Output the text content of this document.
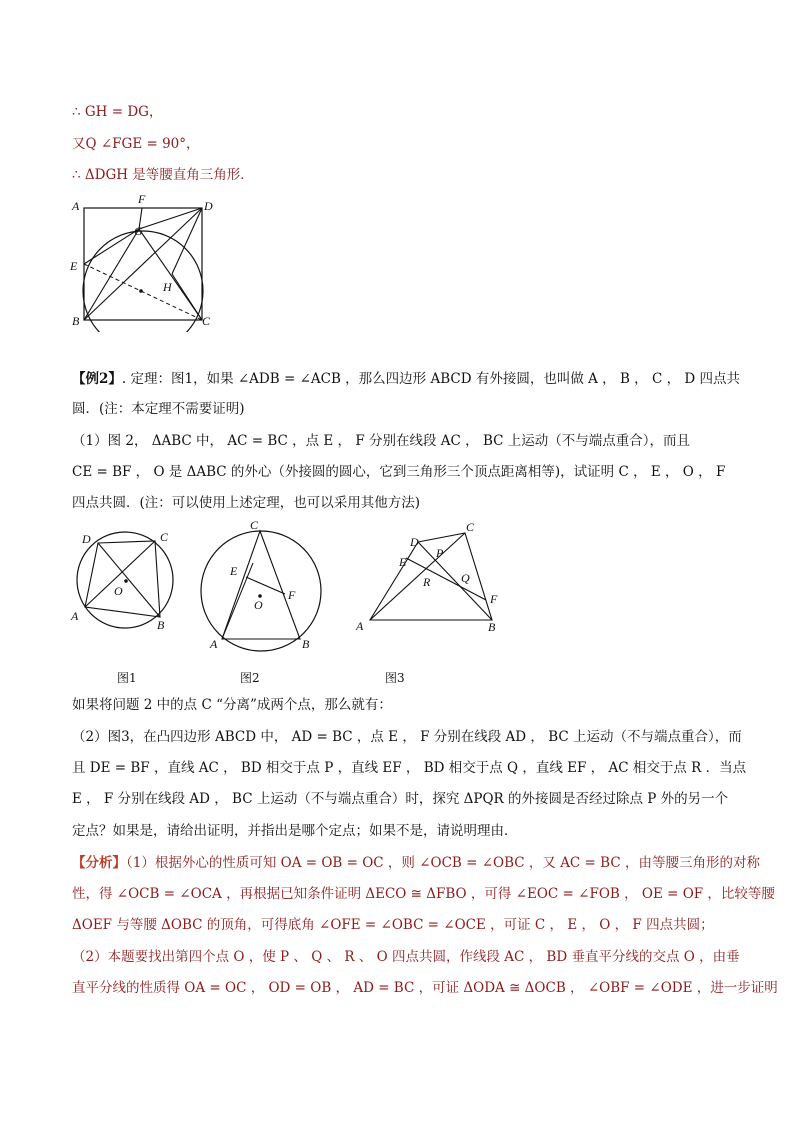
∴ GH = DG，
又Q ∠FGE = 90°，
∴ ΔDGH 是等腰直角三角形．
A	F	D
G
E
H
B	C
【例2】. 定理：图1，如果 ∠ADB = ∠ACB ，那么四边形 ABCD 有外接圆，也叫做 A ， B ， C ， D 四点共
圆．(注：本定理不需要证明)
（1）图 2， ΔABC 中， AC = BC ，点 E ， F 分别在线段 AC ， BC 上运动（不与端点重合），而且
CE = BF ， O 是 ΔABC 的外心（外接圆的圆心，它到三角形三个顶点距离相等)，试证明 C ， E ， O ， F
四点共圆．(注：可以使用上述定理，也可以采用其他方法)
D	C
O
A
B
图1
C
E
O
F
A	B
图2
C
D
P
E
R	Q
F
A	B
图3
如果将问题 2 中的点 C “分离”成两个点，那么就有：
（2）图3，在凸四边形 ABCD 中， AD = BC ，点 E ， F 分别在线段 AD ， BC 上运动（不与端点重合），而
且 DE = BF ，直线 AC ， BD 相交于点 P ，直线 EF ， BD 相交于点 Q ，直线 EF ， AC 相交于点 R ．当点
E ， F 分别在线段 AD ， BC 上运动（不与端点重合）时，探究 ΔPQR 的外接圆是否经过除点 P 外的另一个
定点？如果是，请给出证明，并指出是哪个定点；如果不是，请说明理由．
【分析】（1）根据外心的性质可知 OA = OB = OC ，则 ∠OCB = ∠OBC ，又 AC = BC ，由等腰三角形的对称
性，得 ∠OCB = ∠OCA ，再根据已知条件证明 ΔECO ≅ ΔFBO ，可得 ∠EOC = ∠FOB ， OE = OF ，比较等腰
ΔOEF 与等腰 ΔOBC 的顶角，可得底角 ∠OFE = ∠OBC = ∠OCE ，可证 C ， E ， O ， F 四点共圆；
（2）本题要找出第四个点 O ，使 P 、 Q 、 R 、 O 四点共圆，作线段 AC ， BD 垂直平分线的交点 O ，由垂
直平分线的性质得 OA = OC ， OD = OB ， AD = BC ，可证 ΔODA ≅ ΔOCB ， ∠OBF = ∠ODE ，进一步证明
